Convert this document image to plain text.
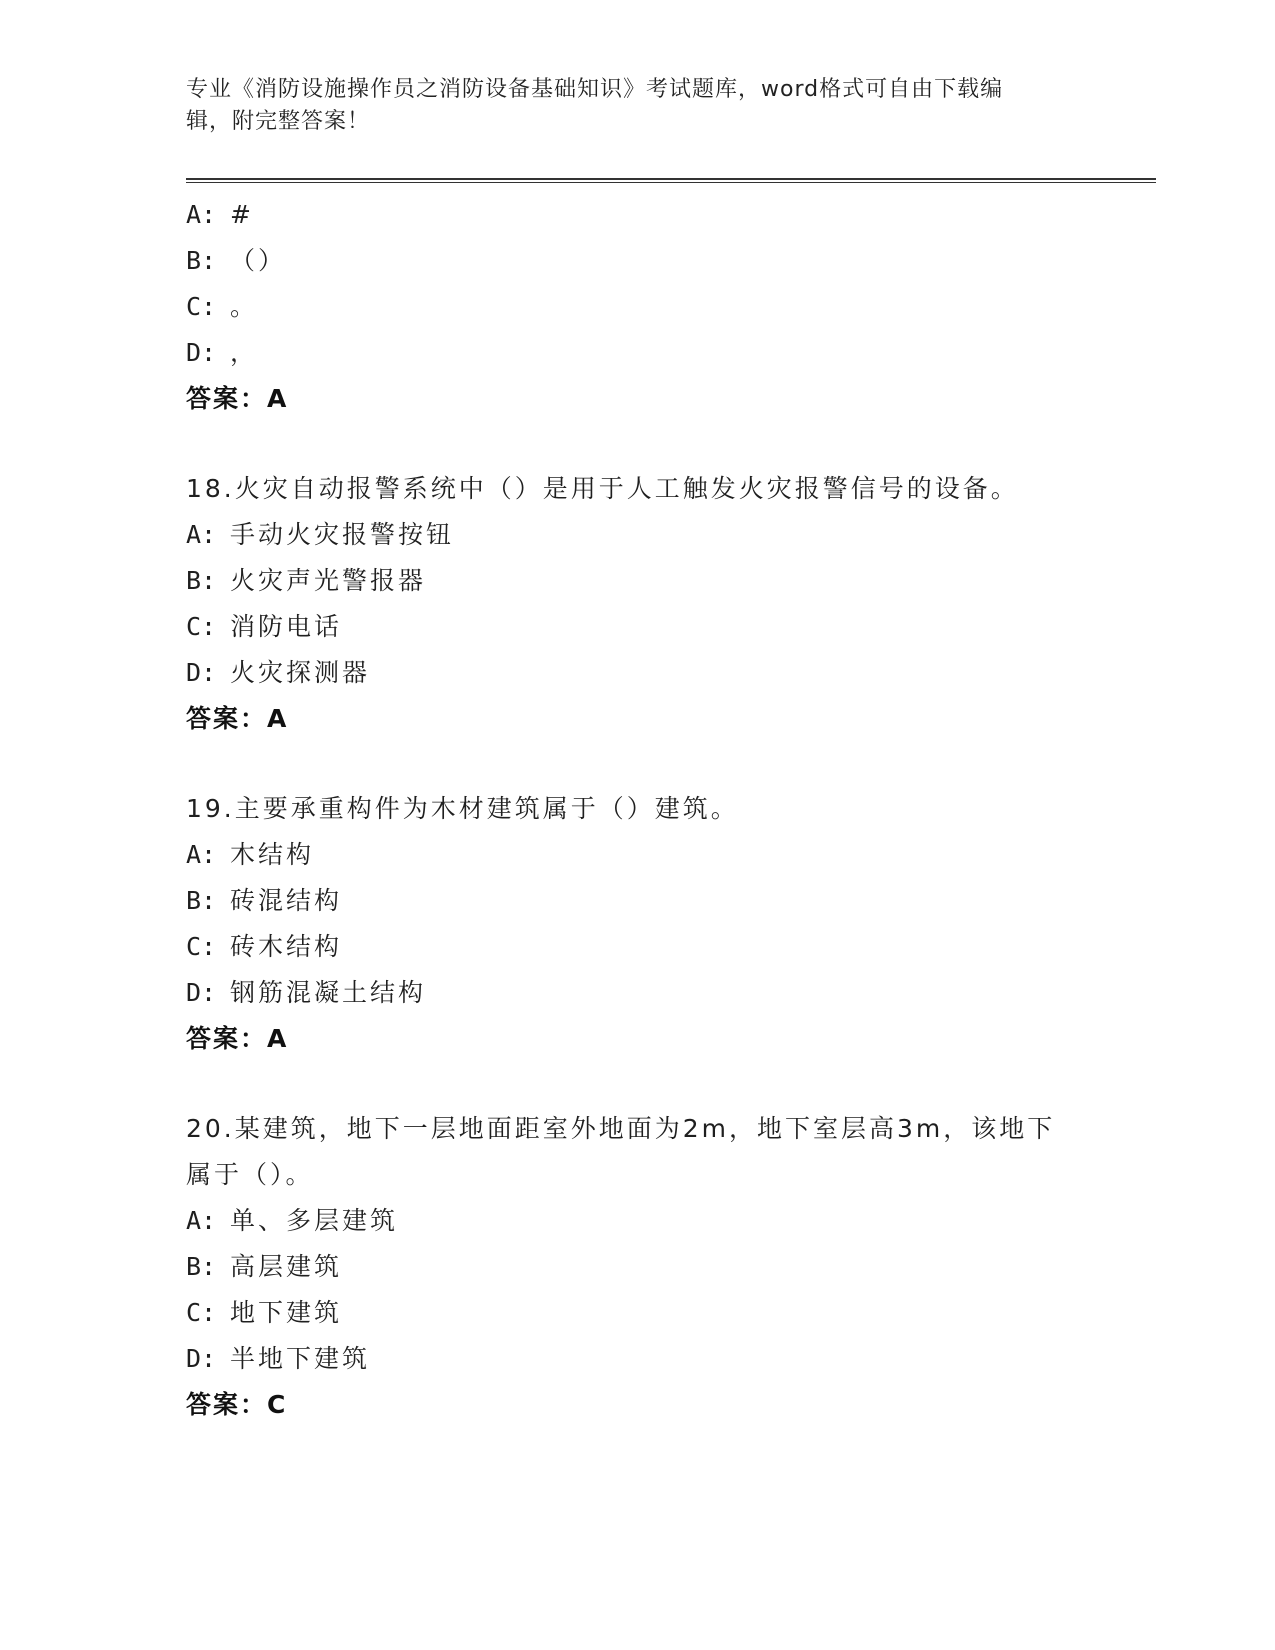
专业《消防设施操作员之消防设备基础知识》考试题库，word格式可自由下载编
辑，附完整答案！
A: #
B: （）
C: 。
D: ，
答案：A
18.火灾自动报警系统中（）是用于人工触发火灾报警信号的设备。
A: 手动火灾报警按钮
B: 火灾声光警报器
C: 消防电话
D: 火灾探测器
答案：A
19.主要承重构件为木材建筑属于（）建筑。
A: 木结构
B: 砖混结构
C: 砖木结构
D: 钢筋混凝土结构
答案：A
20.某建筑，地下一层地面距室外地面为2m，地下室层高3m，该地下
属于（）。
A: 单、多层建筑
B: 高层建筑
C: 地下建筑
D: 半地下建筑
答案：C
